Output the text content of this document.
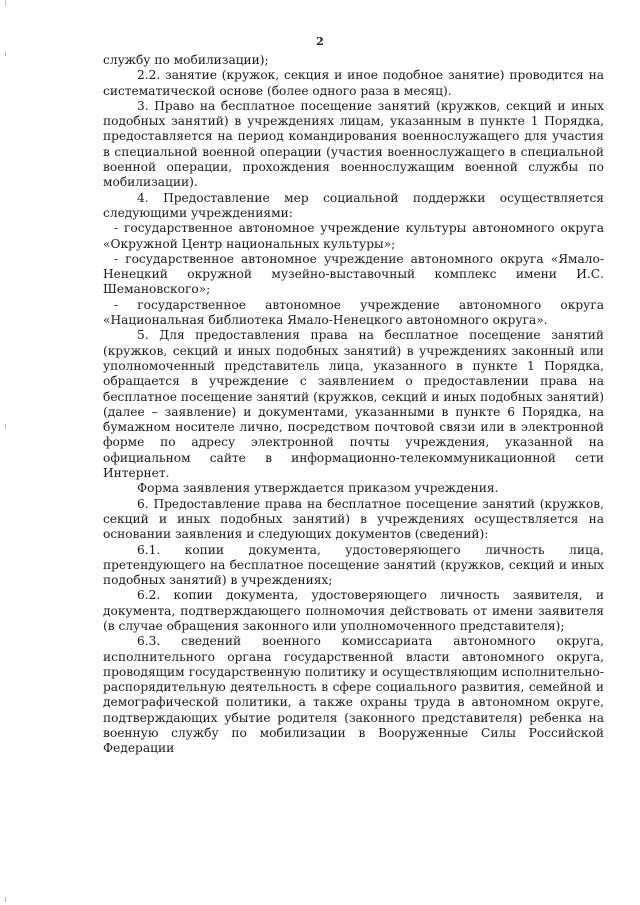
2

службу по мобилизации);

2.2. занятие (кружок, секция и иное подобное занятие) проводится на систематической основе (более одного раза в месяц).

3. Право на бесплатное посещение занятий (кружков, секций и иных подобных занятий) в учреждениях лицам, указанным в пункте 1 Порядка, предоставляется на период командирования военнослужащего для участия в специальной военной операции (участия военнослужащего в специальной военной операции, прохождения военнослужащим военной службы по мобилизации).

4. Предоставление мер социальной поддержки осуществляется следующими учреждениями:

- государственное автономное учреждение культуры автономного округа «Окружной Центр национальных культуры»;

- государственное автономное учреждение автономного округа «Ямало-Ненецкий окружной музейно-выставочный комплекс имени И.С. Шемановского»;

- государственное автономное учреждение автономного округа «Национальная библиотека Ямало-Ненецкого автономного округа».

5. Для предоставления права на бесплатное посещение занятий (кружков, секций и иных подобных занятий) в учреждениях законный или уполномоченный представитель лица, указанного в пункте 1 Порядка, обращается в учреждение с заявлением о предоставлении права на бесплатное посещение занятий (кружков, секций и иных подобных занятий) (далее – заявление) и документами, указанными в пункте 6 Порядка, на бумажном носителе лично, посредством почтовой связи или в электронной форме по адресу электронной почты учреждения, указанной на официальном сайте в информационно-телекоммуникационной сети Интернет.

Форма заявления утверждается приказом учреждения.

6. Предоставление права на бесплатное посещение занятий (кружков, секций и иных подобных занятий) в учреждениях осуществляется на основании заявления и следующих документов (сведений):

6.1. копии документа, удостоверяющего личность лица, претендующего на бесплатное посещение занятий (кружков, секций и иных подобных занятий) в учреждениях;

6.2. копии документа, удостоверяющего личность заявителя, и документа, подтверждающего полномочия действовать от имени заявителя (в случае обращения законного или уполномоченного представителя);

6.3. сведений военного комиссариата автономного округа, исполнительного органа государственной власти автономного округа, проводящим государственную политику и осуществляющим исполнительно-распорядительную деятельность в сфере социального развития, семейной и демографической политики, а также охраны труда в автономном округе, подтверждающих убытие родителя (законного представителя) ребенка на военную службу по мобилизации в Вооруженные Силы Российской Федерации
